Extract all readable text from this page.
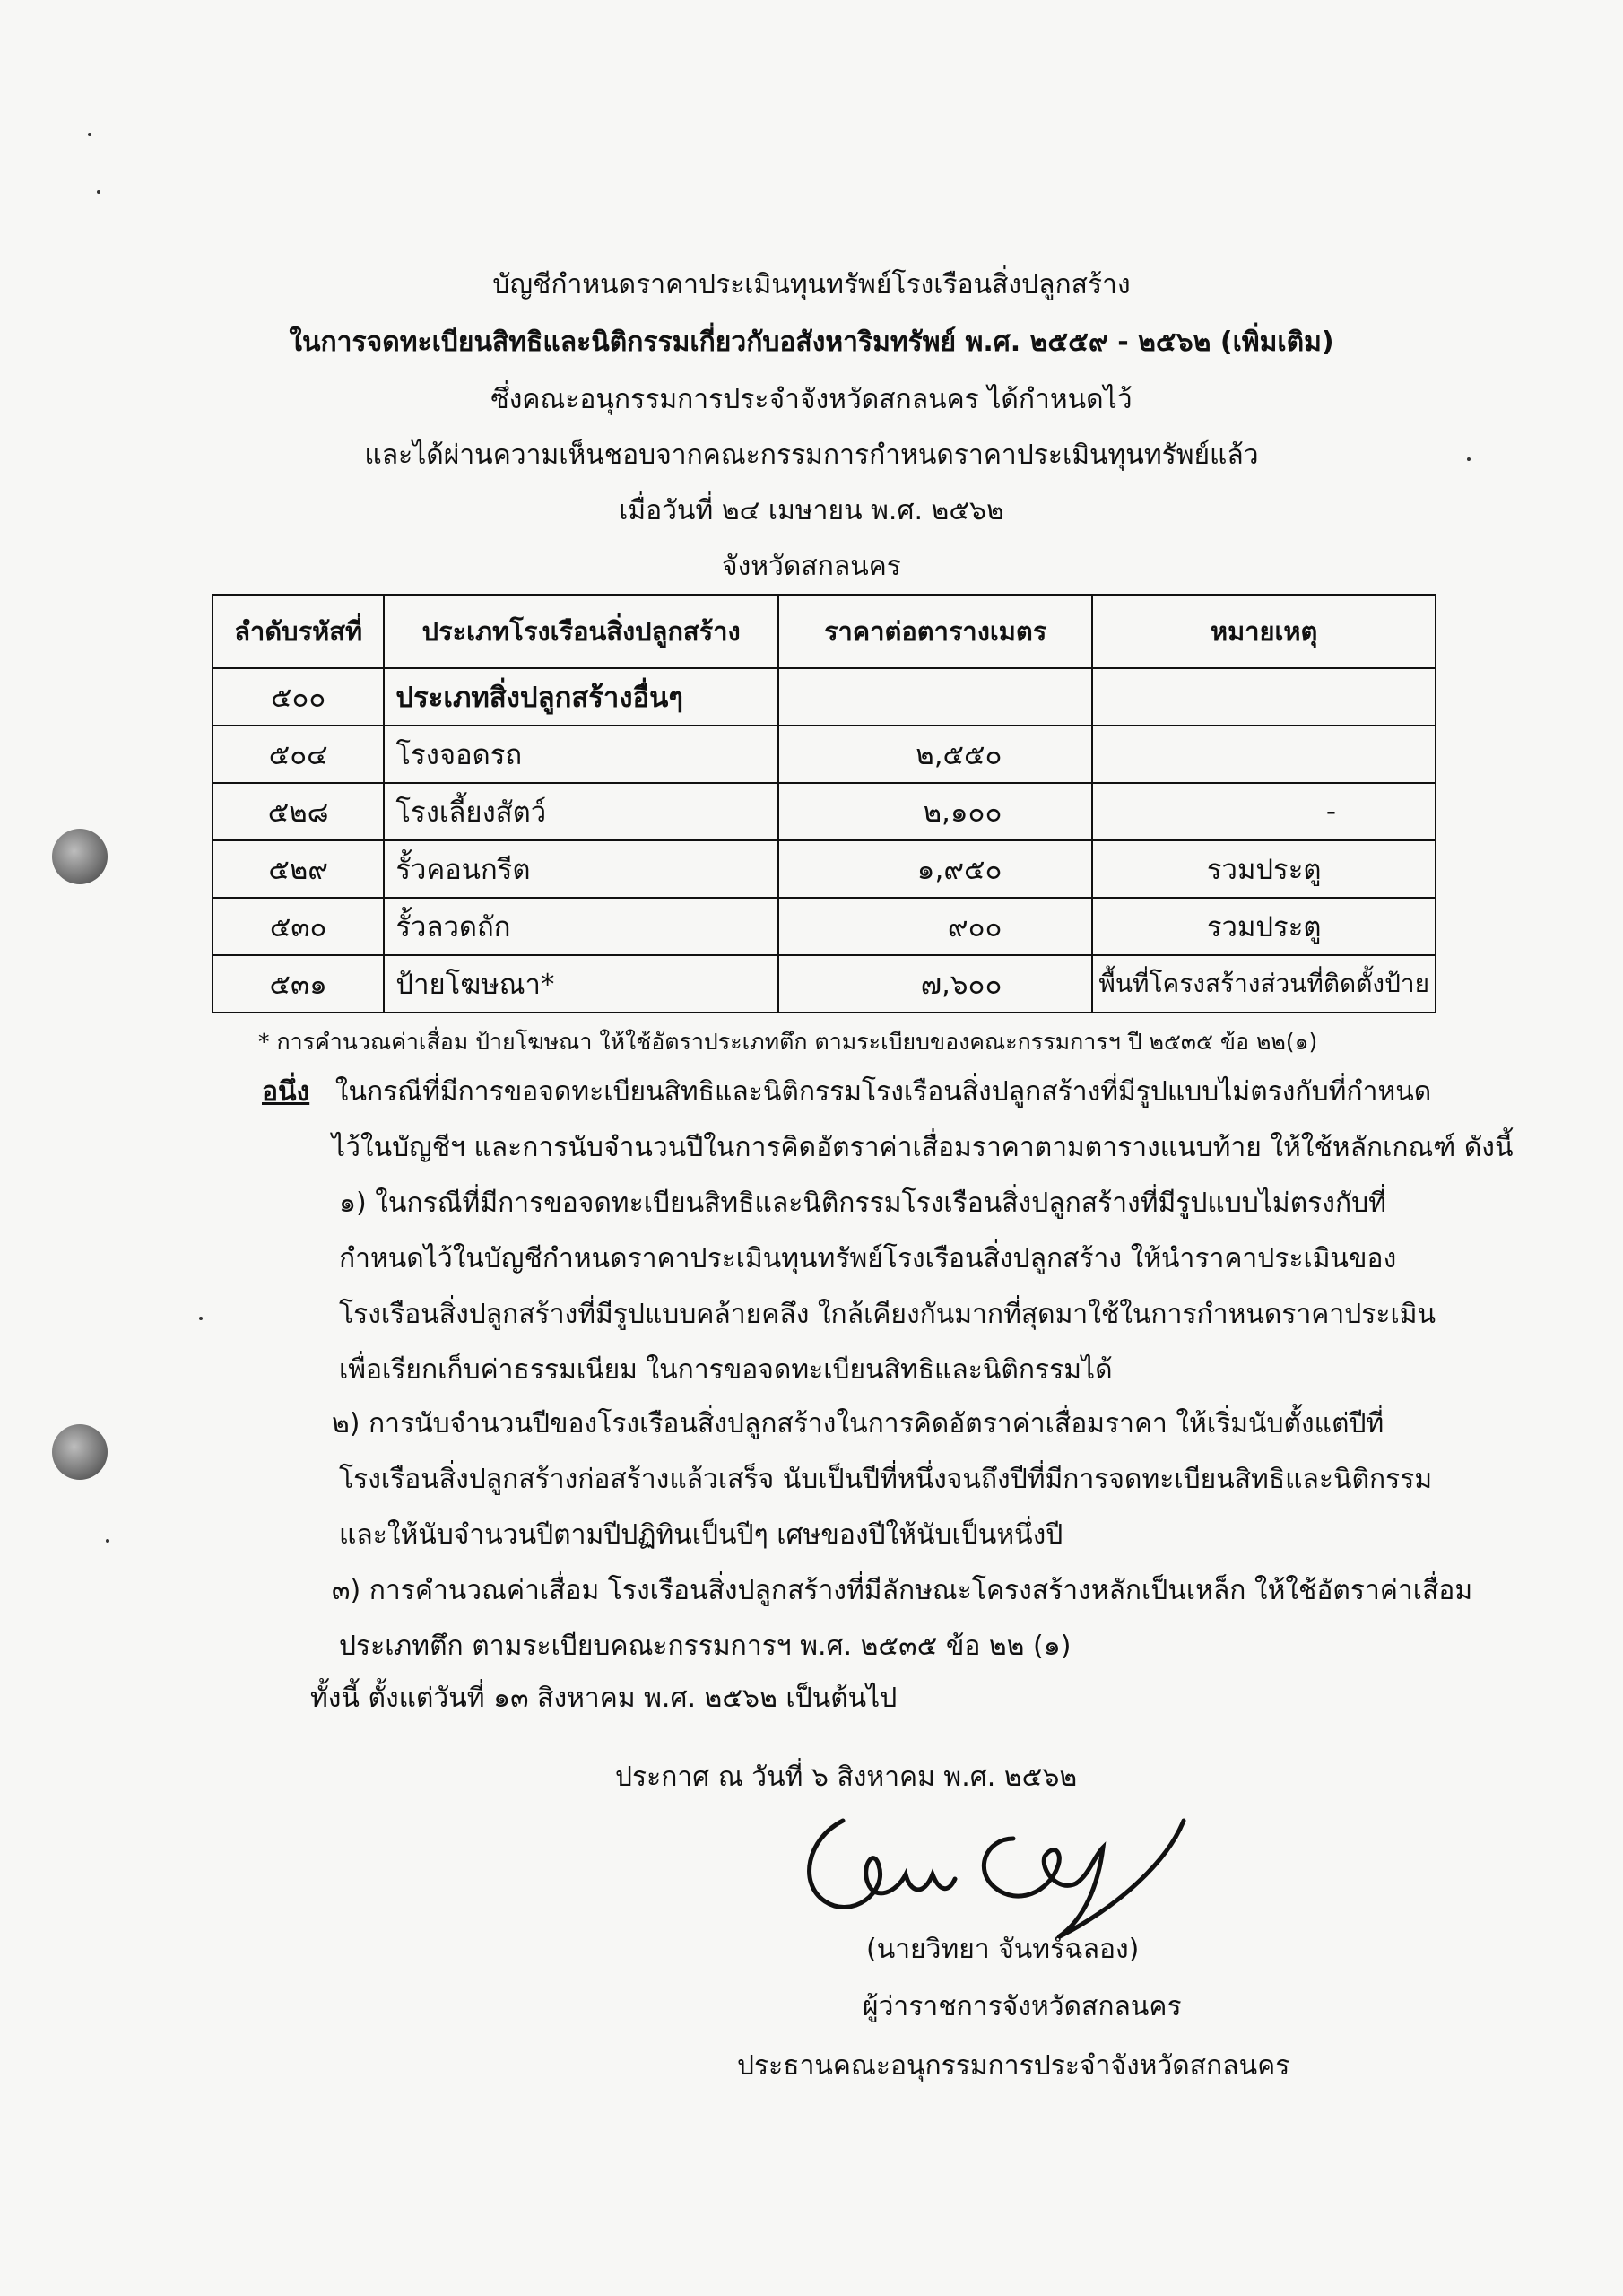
บัญชีกำหนดราคาประเมินทุนทรัพย์โรงเรือนสิ่งปลูกสร้าง
ในการจดทะเบียนสิทธิและนิติกรรมเกี่ยวกับอสังหาริมทรัพย์ พ.ศ. ๒๕๕๙ - ๒๕๖๒ (เพิ่มเติม)
ซึ่งคณะอนุกรรมการประจำจังหวัดสกลนคร ได้กำหนดไว้
และได้ผ่านความเห็นชอบจากคณะกรรมการกำหนดราคาประเมินทุนทรัพย์แล้ว
เมื่อวันที่ ๒๔ เมษายน พ.ศ. ๒๕๖๒
จังหวัดสกลนคร
ลำดับรหัสที่	ประเภทโรงเรือนสิ่งปลูกสร้าง	ราคาต่อตารางเมตร	หมายเหตุ
๕๐๐	ประเภทสิ่งปลูกสร้างอื่นๆ		
๕๐๔	โรงจอดรถ	๒,๕๕๐	
๕๒๘	โรงเลี้ยงสัตว์	๒,๑๐๐	-
๕๒๙	รั้วคอนกรีต	๑,๙๕๐	รวมประตู
๕๓๐	รั้วลวดถัก	๙๐๐	รวมประตู
๕๓๑	ป้ายโฆษณา*	๗,๖๐๐	พื้นที่โครงสร้างส่วนที่ติดตั้งป้าย
* การคำนวณค่าเสื่อม ป้ายโฆษณา ให้ใช้อัตราประเภทตึก ตามระเบียบของคณะกรรมการฯ ปี ๒๕๓๕ ข้อ ๒๒(๑)
อนึ่ง ในกรณีที่มีการขอจดทะเบียนสิทธิและนิติกรรมโรงเรือนสิ่งปลูกสร้างที่มีรูปแบบไม่ตรงกับที่กำหนด
ไว้ในบัญชีฯ และการนับจำนวนปีในการคิดอัตราค่าเสื่อมราคาตามตารางแนบท้าย ให้ใช้หลักเกณฑ์ ดังนี้
๑) ในกรณีที่มีการขอจดทะเบียนสิทธิและนิติกรรมโรงเรือนสิ่งปลูกสร้างที่มีรูปแบบไม่ตรงกับที่
กำหนดไว้ในบัญชีกำหนดราคาประเมินทุนทรัพย์โรงเรือนสิ่งปลูกสร้าง ให้นำราคาประเมินของ
โรงเรือนสิ่งปลูกสร้างที่มีรูปแบบคล้ายคลึง ใกล้เคียงกันมากที่สุดมาใช้ในการกำหนดราคาประเมิน
เพื่อเรียกเก็บค่าธรรมเนียม ในการขอจดทะเบียนสิทธิและนิติกรรมได้
๒) การนับจำนวนปีของโรงเรือนสิ่งปลูกสร้างในการคิดอัตราค่าเสื่อมราคา ให้เริ่มนับตั้งแต่ปีที่
โรงเรือนสิ่งปลูกสร้างก่อสร้างแล้วเสร็จ นับเป็นปีที่หนึ่งจนถึงปีที่มีการจดทะเบียนสิทธิและนิติกรรม
และให้นับจำนวนปีตามปีปฏิทินเป็นปีๆ เศษของปีให้นับเป็นหนึ่งปี
๓) การคำนวณค่าเสื่อม โรงเรือนสิ่งปลูกสร้างที่มีลักษณะโครงสร้างหลักเป็นเหล็ก ให้ใช้อัตราค่าเสื่อม
ประเภทตึก ตามระเบียบคณะกรรมการฯ พ.ศ. ๒๕๓๕ ข้อ ๒๒ (๑)
ทั้งนี้ ตั้งแต่วันที่ ๑๓ สิงหาคม พ.ศ. ๒๕๖๒ เป็นต้นไป
ประกาศ ณ วันที่ ๖ สิงหาคม พ.ศ. ๒๕๖๒
(นายวิทยา จันทร์ฉลอง)
ผู้ว่าราชการจังหวัดสกลนคร
ประธานคณะอนุกรรมการประจำจังหวัดสกลนคร
